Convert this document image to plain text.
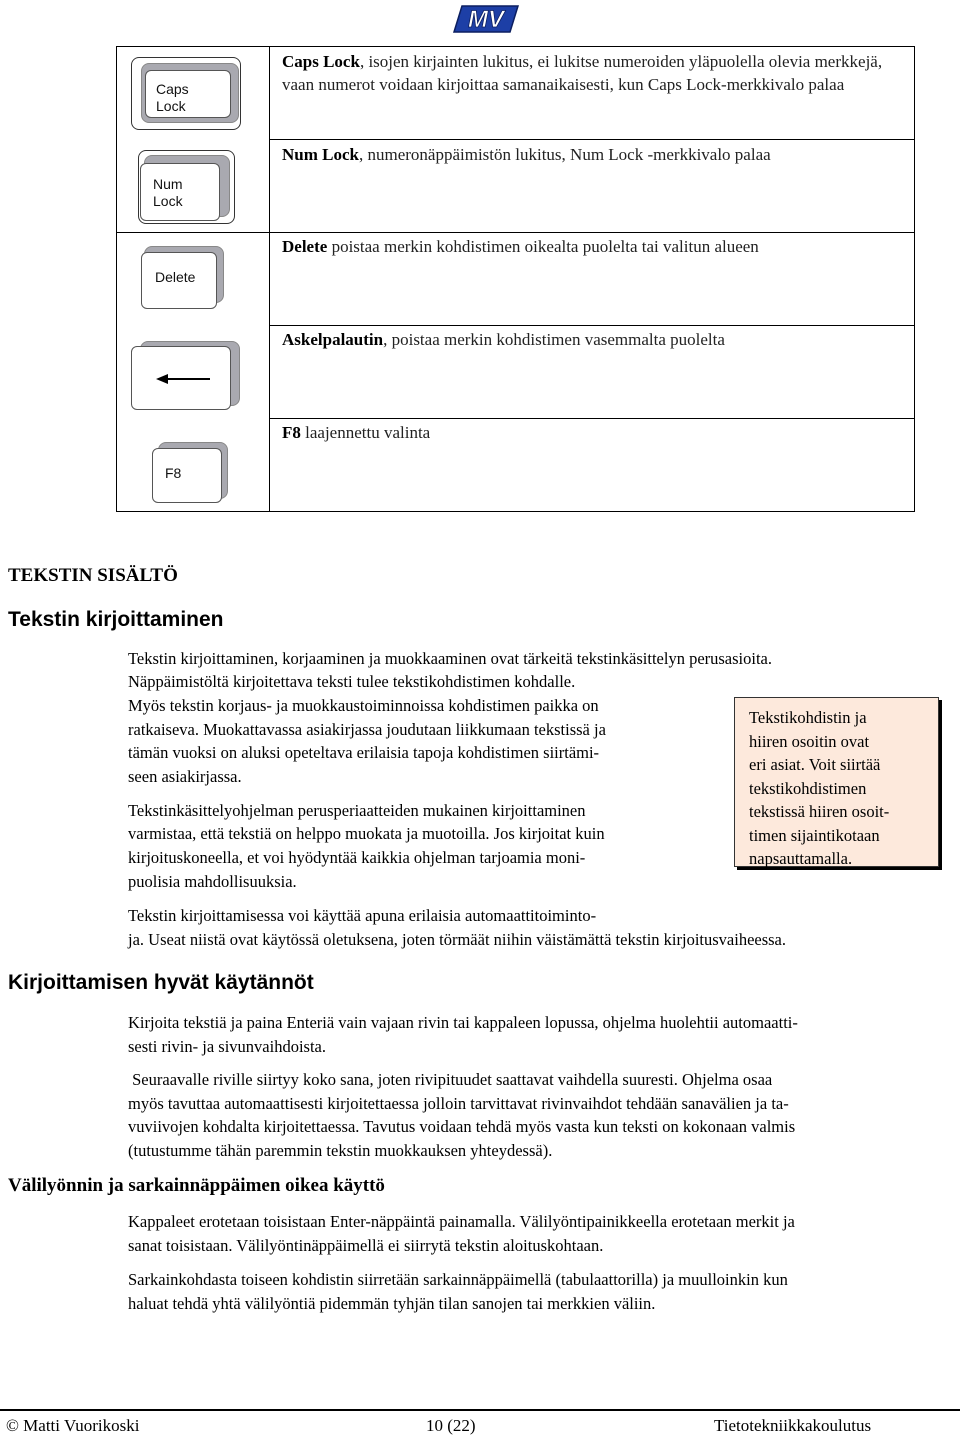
MV
Caps
Lock
Num
Lock
Delete
F8
Caps Lock, isojen kirjainten lukitus, ei lukitse numeroiden yläpuolella olevia merkkejä, vaan numerot voidaan kirjoittaa samanaikaisesti, kun Caps Lock-merkkivalo palaa
Num Lock, numeronäppäimistön lukitus, Num Lock -merkkivalo palaa
Delete poistaa merkin kohdistimen oikealta puolelta tai valitun alueen
Askelpalautin, poistaa merkin kohdistimen vasemmalta puolelta
F8 laajennettu valinta
TEKSTIN SISÄLTÖ
Tekstin kirjoittaminen
Tekstin kirjoittaminen, korjaaminen ja muokkaaminen ovat tärkeitä tekstinkäsittelyn perusasioita.
Näppäimistöltä kirjoitettava teksti tulee tekstikohdistimen kohdalle.
Myös tekstin korjaus- ja muokkaustoiminnoissa kohdistimen paikka on
ratkaiseva. Muokattavassa asiakirjassa joudutaan liikkumaan tekstissä ja
tämän vuoksi on aluksi opeteltava erilaisia tapoja kohdistimen siirtämi-
seen asiakirjassa.
Tekstinkäsittelyohjelman perusperiaatteiden mukainen kirjoittaminen
varmistaa, että tekstiä on helppo muokata ja muotoilla. Jos kirjoitat kuin
kirjoituskoneella, et voi hyödyntää kaikkia ohjelman tarjoamia moni-
puolisia mahdollisuuksia.
Tekstin kirjoittamisessa voi käyttää apuna erilaisia automaattitoiminto-
ja. Useat niistä ovat käytössä oletuksena, joten törmäät niihin väistämättä tekstin kirjoitusvaiheessa.
Tekstikohdistin ja
hiiren osoitin ovat
eri asiat. Voit siirtää
tekstikohdistimen
tekstissä hiiren osoit-
timen sijaintikotaan
napsauttamalla.
Kirjoittamisen hyvät käytännöt
Kirjoita tekstiä ja paina Enteriä vain vajaan rivin tai kappaleen lopussa, ohjelma huolehtii automaatti-
sesti rivin- ja sivunvaihdoista.
Seuraavalle riville siirtyy koko sana, joten rivipituudet saattavat vaihdella suuresti. Ohjelma osaa
myös tavuttaa automaattisesti kirjoitettaessa jolloin tarvittavat rivinvaihdot tehdään sanavälien ja ta-
vuviivojen kohdalta kirjoitettaessa. Tavutus voidaan tehdä myös vasta kun teksti on kokonaan valmis
(tutustumme tähän paremmin tekstin muokkauksen yhteydessä).
Välilyönnin ja sarkainnäppäimen oikea käyttö
Kappaleet erotetaan toisistaan Enter-näppäintä painamalla. Välilyöntipainikkeella erotetaan merkit ja
sanat toisistaan. Välilyöntinäppäimellä ei siirrytä tekstin aloituskohtaan.
Sarkainkohdasta toiseen kohdistin siirretään sarkainnäppäimellä (tabulaattorilla) ja muulloinkin kun
haluat tehdä yhtä välilyöntiä pidemmän tyhjän tilan sanojen tai merkkien väliin.
© Matti Vuorikoski	10 (22)	Tietotekniikkakoulutus
